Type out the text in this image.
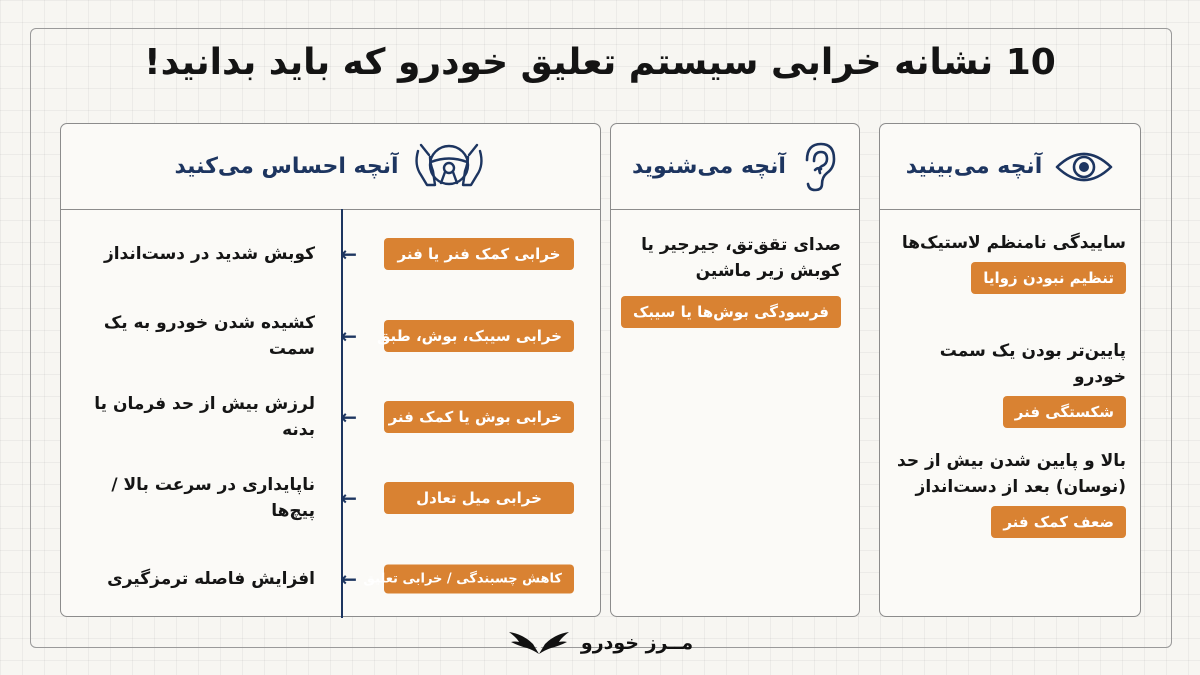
10 نشانه خرابی سیستم تعلیق خودرو که باید بدانید!
آنچه احساس می‌کنید
خرابی کمک فنر یا فنر
←
کوبش شدید در دست‌انداز
خرابی سیبک، بوش، طبق
←
کشیده شدن خودرو به یک سمت
خرابی بوش یا کمک فنر
←
لرزش بیش از حد فرمان یا بدنه
خرابی میل تعادل
←
ناپایداری در سرعت بالا / پیچ‌ها
کاهش چسبندگی / خرابی تعلیق
←
افزایش فاصله ترمزگیری
آنچه می‌شنوید
صدای تقق‌تق، جیرجیر یا کوبش زیر ماشین
فرسودگی بوش‌ها یا سیبک
آنچه می‌بینید
ساییدگی نامنظم لاستیک‌ها
تنظیم نبودن زوایا
پایین‌تر بودن یک سمت خودرو
شکستگی فنر
بالا و پایین شدن بیش از حد (نوسان) بعد از دست‌انداز
ضعف کمک فنر
مــرز خودرو
